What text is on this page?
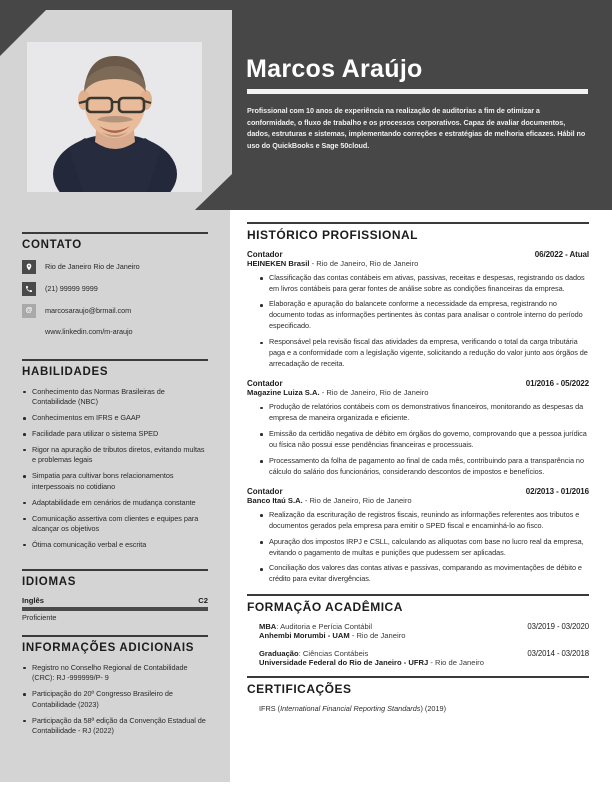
Marcos Araújo
Profissional com 10 anos de experiência na realização de auditorias a fim de otimizar a conformidade, o fluxo de trabalho e os processos corporativos. Capaz de avaliar documentos, dados, estruturas e sistemas, implementando correções e estratégias de melhoria eficazes. Hábil no uso do QuickBooks e Sage 50cloud.
CONTATO
Rio de Janeiro Rio de Janeiro
(21) 99999 9999
@ marcosaraujo@brmail.com
www.linkedin.com/m-araujo
HABILIDADES
Conhecimento das Normas Brasileiras de Contabilidade (NBC)
Conhecimentos em IFRS e GAAP
Facilidade para utilizar o sistema SPED
Rigor na apuração de tributos diretos, evitando multas e problemas legais
Simpatia para cultivar bons relacionamentos interpessoais no cotidiano
Adaptabilidade em cenários de mudança constante
Comunicação assertiva com clientes e equipes para alcançar os objetivos
Ótima comunicação verbal e escrita
IDIOMAS
Inglês	C2
Proficiente
INFORMAÇÕES ADICIONAIS
Registro no Conselho Regional de Contabilidade (CRC): RJ -999999/P- 9
Participação do 20º Congresso Brasileiro de Contabilidade (2023)
Participação da 58ª edição da Convenção Estadual de Contabilidade - RJ (2022)
HISTÓRICO PROFISSIONAL
Contador	06/2022 - Atual
HEINEKEN Brasil - Rio de Janeiro, Rio de Janeiro
Classificação das contas contábeis em ativas, passivas, receitas e despesas, registrando os dados em livros contábeis para gerar fontes de análise sobre as condições financeiras da empresa.
Elaboração e apuração do balancete conforme a necessidade da empresa, registrando no documento todas as informações pertinentes às contas para analisar o controle interno do período especificado.
Responsável pela revisão fiscal das atividades da empresa, verificando o total da carga tributária paga e a conformidade com a legislação vigente, solicitando a redução do valor junto aos órgãos de arrecadação de receita.
Contador	01/2016 - 05/2022
Magazine Luiza S.A. - Rio de Janeiro, Rio de Janeiro
Produção de relatórios contábeis com os demonstrativos financeiros, monitorando as despesas da empresa de maneira organizada e eficiente.
Emissão da certidão negativa de débito em órgãos do governo, comprovando que a pessoa jurídica ou física não possui esse pendências financeiras e processuais.
Processamento da folha de pagamento ao final de cada mês, contribuindo para a transparência no cálculo do salário dos funcionários, considerando descontos de impostos e benefícios.
Contador	02/2013 - 01/2016
Banco Itaú S.A. - Rio de Janeiro, Rio de Janeiro
Realização da escrituração de registros fiscais, reunindo as informações referentes aos tributos e documentos gerados pela empresa para emitir o SPED fiscal e encaminhá-lo ao fisco.
Apuração dos impostos IRPJ e CSLL, calculando as alíquotas com base no lucro real da empresa, evitando o pagamento de multas e punições que pudessem ser aplicadas.
Conciliação dos valores das contas ativas e passivas, comparando as movimentações de débito e crédito para evitar divergências.
FORMAÇÃO ACADÊMICA
MBA: Auditoria e Perícia Contábil	03/2019 - 03/2020
Anhembi Morumbi - UAM - Rio de Janeiro
Graduação: Ciências Contábeis	03/2014 - 03/2018
Universidade Federal do Rio de Janeiro - UFRJ - Rio de Janeiro
CERTIFICAÇÕES
IFRS (International Financial Reporting Standards) (2019)
